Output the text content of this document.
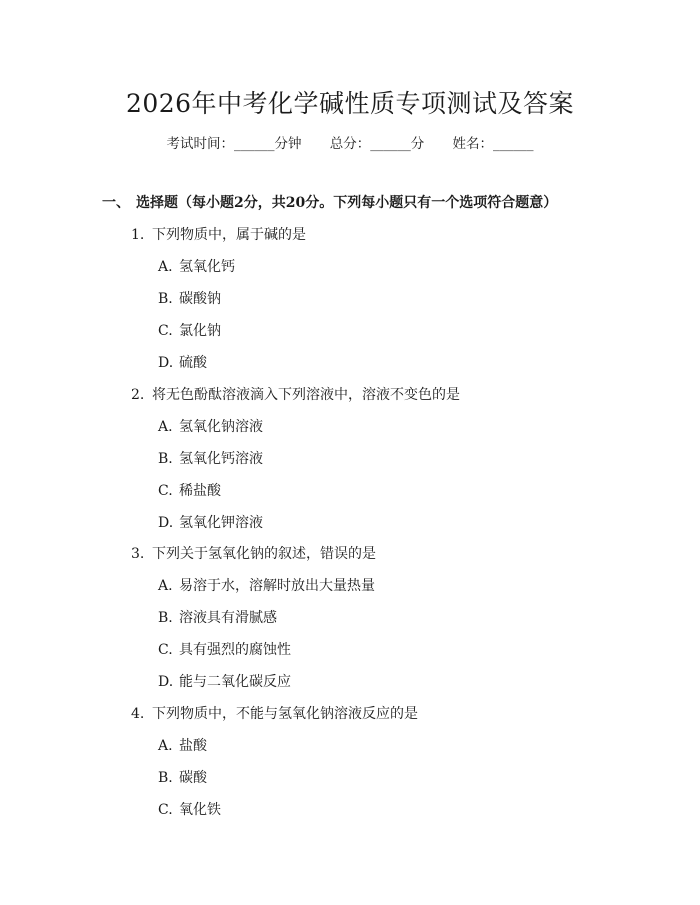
2026年中考化学碱性质专项测试及答案
考试时间：______分钟 总分：______分 姓名：______
一、 选择题（每小题2分，共20分。下列每小题只有一个选项符合题意）
1. 下列物质中，属于碱的是
A. 氢氧化钙
B. 碳酸钠
C. 氯化钠
D. 硫酸
2. 将无色酚酞溶液滴入下列溶液中，溶液不变色的是
A. 氢氧化钠溶液
B. 氢氧化钙溶液
C. 稀盐酸
D. 氢氧化钾溶液
3. 下列关于氢氧化钠的叙述，错误的是
A. 易溶于水，溶解时放出大量热量
B. 溶液具有滑腻感
C. 具有强烈的腐蚀性
D. 能与二氧化碳反应
4. 下列物质中，不能与氢氧化钠溶液反应的是
A. 盐酸
B. 碳酸
C. 氧化铁
